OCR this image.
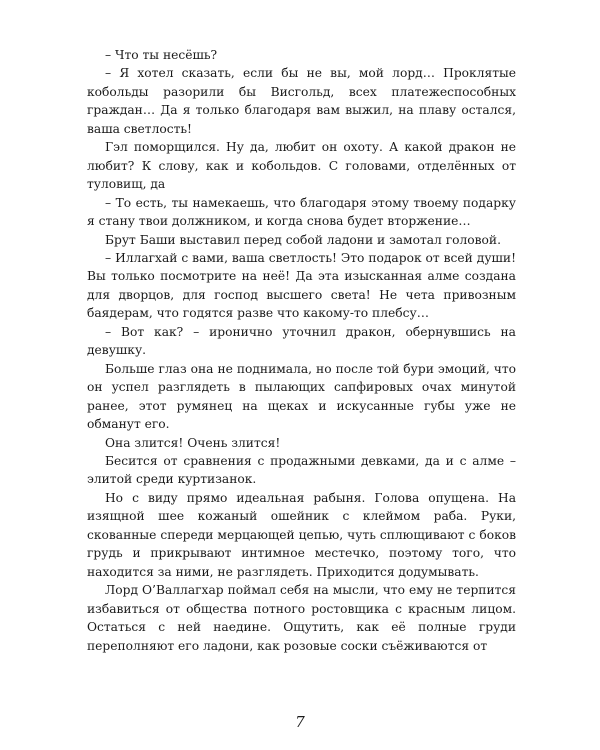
– Что ты несёшь?

– Я хотел сказать, если бы не вы, мой лорд… Проклятые кобольды разорили бы Висгольд, всех платежеспособных граждан… Да я только благодаря вам выжил, на плаву остался, ваша светлость!

Гэл поморщился. Ну да, любит он охоту. А какой дракон не любит? К слову, как и кобольдов. С головами, отделённых от туловищ, да

– То есть, ты намекаешь, что благодаря этому твоему подарку я стану твои должником, и когда снова будет вторжение…

Брут Баши выставил перед собой ладони и замотал головой.

– Иллагхай с вами, ваша светлость! Это подарок от всей души! Вы только посмотрите на неё! Да эта изысканная алме создана для дворцов, для господ высшего света! Не чета привозным баядерам, что годятся разве что какому-то плебсу…

– Вот как? – иронично уточнил дракон, обернувшись на девушку.

Больше глаз она не поднимала, но после той бури эмоций, что он успел разглядеть в пылающих сапфировых очах минутой ранее, этот румянец на щеках и искусанные губы уже не обманут его.

Она злится! Очень злится!

Бесится от сравнения с продажными девками, да и с алме – элитой среди куртизанок.

Но с виду прямо идеальная рабыня. Голова опущена. На изящной шее кожаный ошейник с клеймом раба. Руки, скованные спереди мерцающей цепью, чуть сплющивают с боков грудь и прикрывают интимное местечко, поэтому того, что находится за ними, не разглядеть. Приходится додумывать.

Лорд О’Валлагхар поймал себя на мысли, что ему не терпится избавиться от общества потного ростовщика с красным лицом. Остаться с ней наедине. Ощутить, как её полные груди переполняют его ладони, как розовые соски съёживаются от

7
